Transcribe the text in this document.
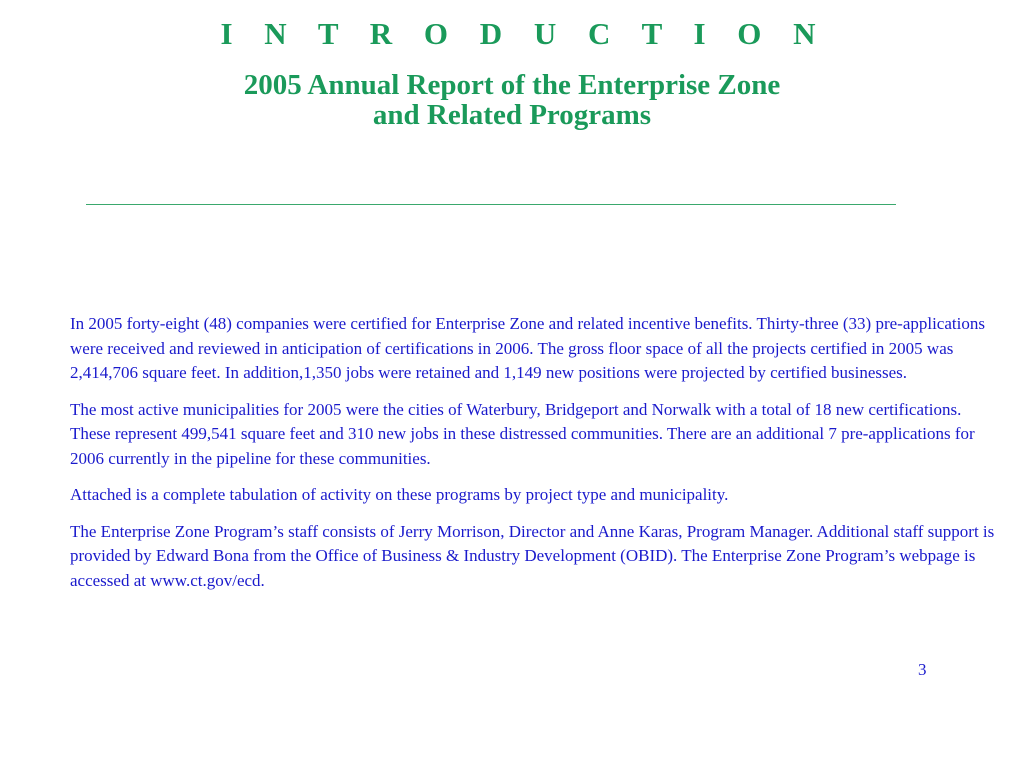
I N T R O D U C T I O N
2005 Annual Report of the Enterprise Zone
and Related Programs

In 2005 forty-eight (48) companies were certified for Enterprise Zone and related incentive benefits. Thirty-three (33) pre-applications were received and reviewed in anticipation of certifications in 2006. The gross floor space of all the projects certified in 2005 was 2,414,706 square feet. In addition,1,350 jobs were retained and 1,149 new positions were projected by certified businesses.

The most active municipalities for 2005 were the cities of Waterbury, Bridgeport and Norwalk with a total of 18 new certifications. These represent 499,541 square feet and 310 new jobs in these distressed communities. There are an additional 7 pre-applications for 2006 currently in the pipeline for these communities.

Attached is a complete tabulation of activity on these programs by project type and municipality.

The Enterprise Zone Program’s staff consists of Jerry Morrison, Director and Anne Karas, Program Manager. Additional staff support is provided by Edward Bona from the Office of Business & Industry Development (OBID). The Enterprise Zone Program’s webpage is accessed at www.ct.gov/ecd.

3
